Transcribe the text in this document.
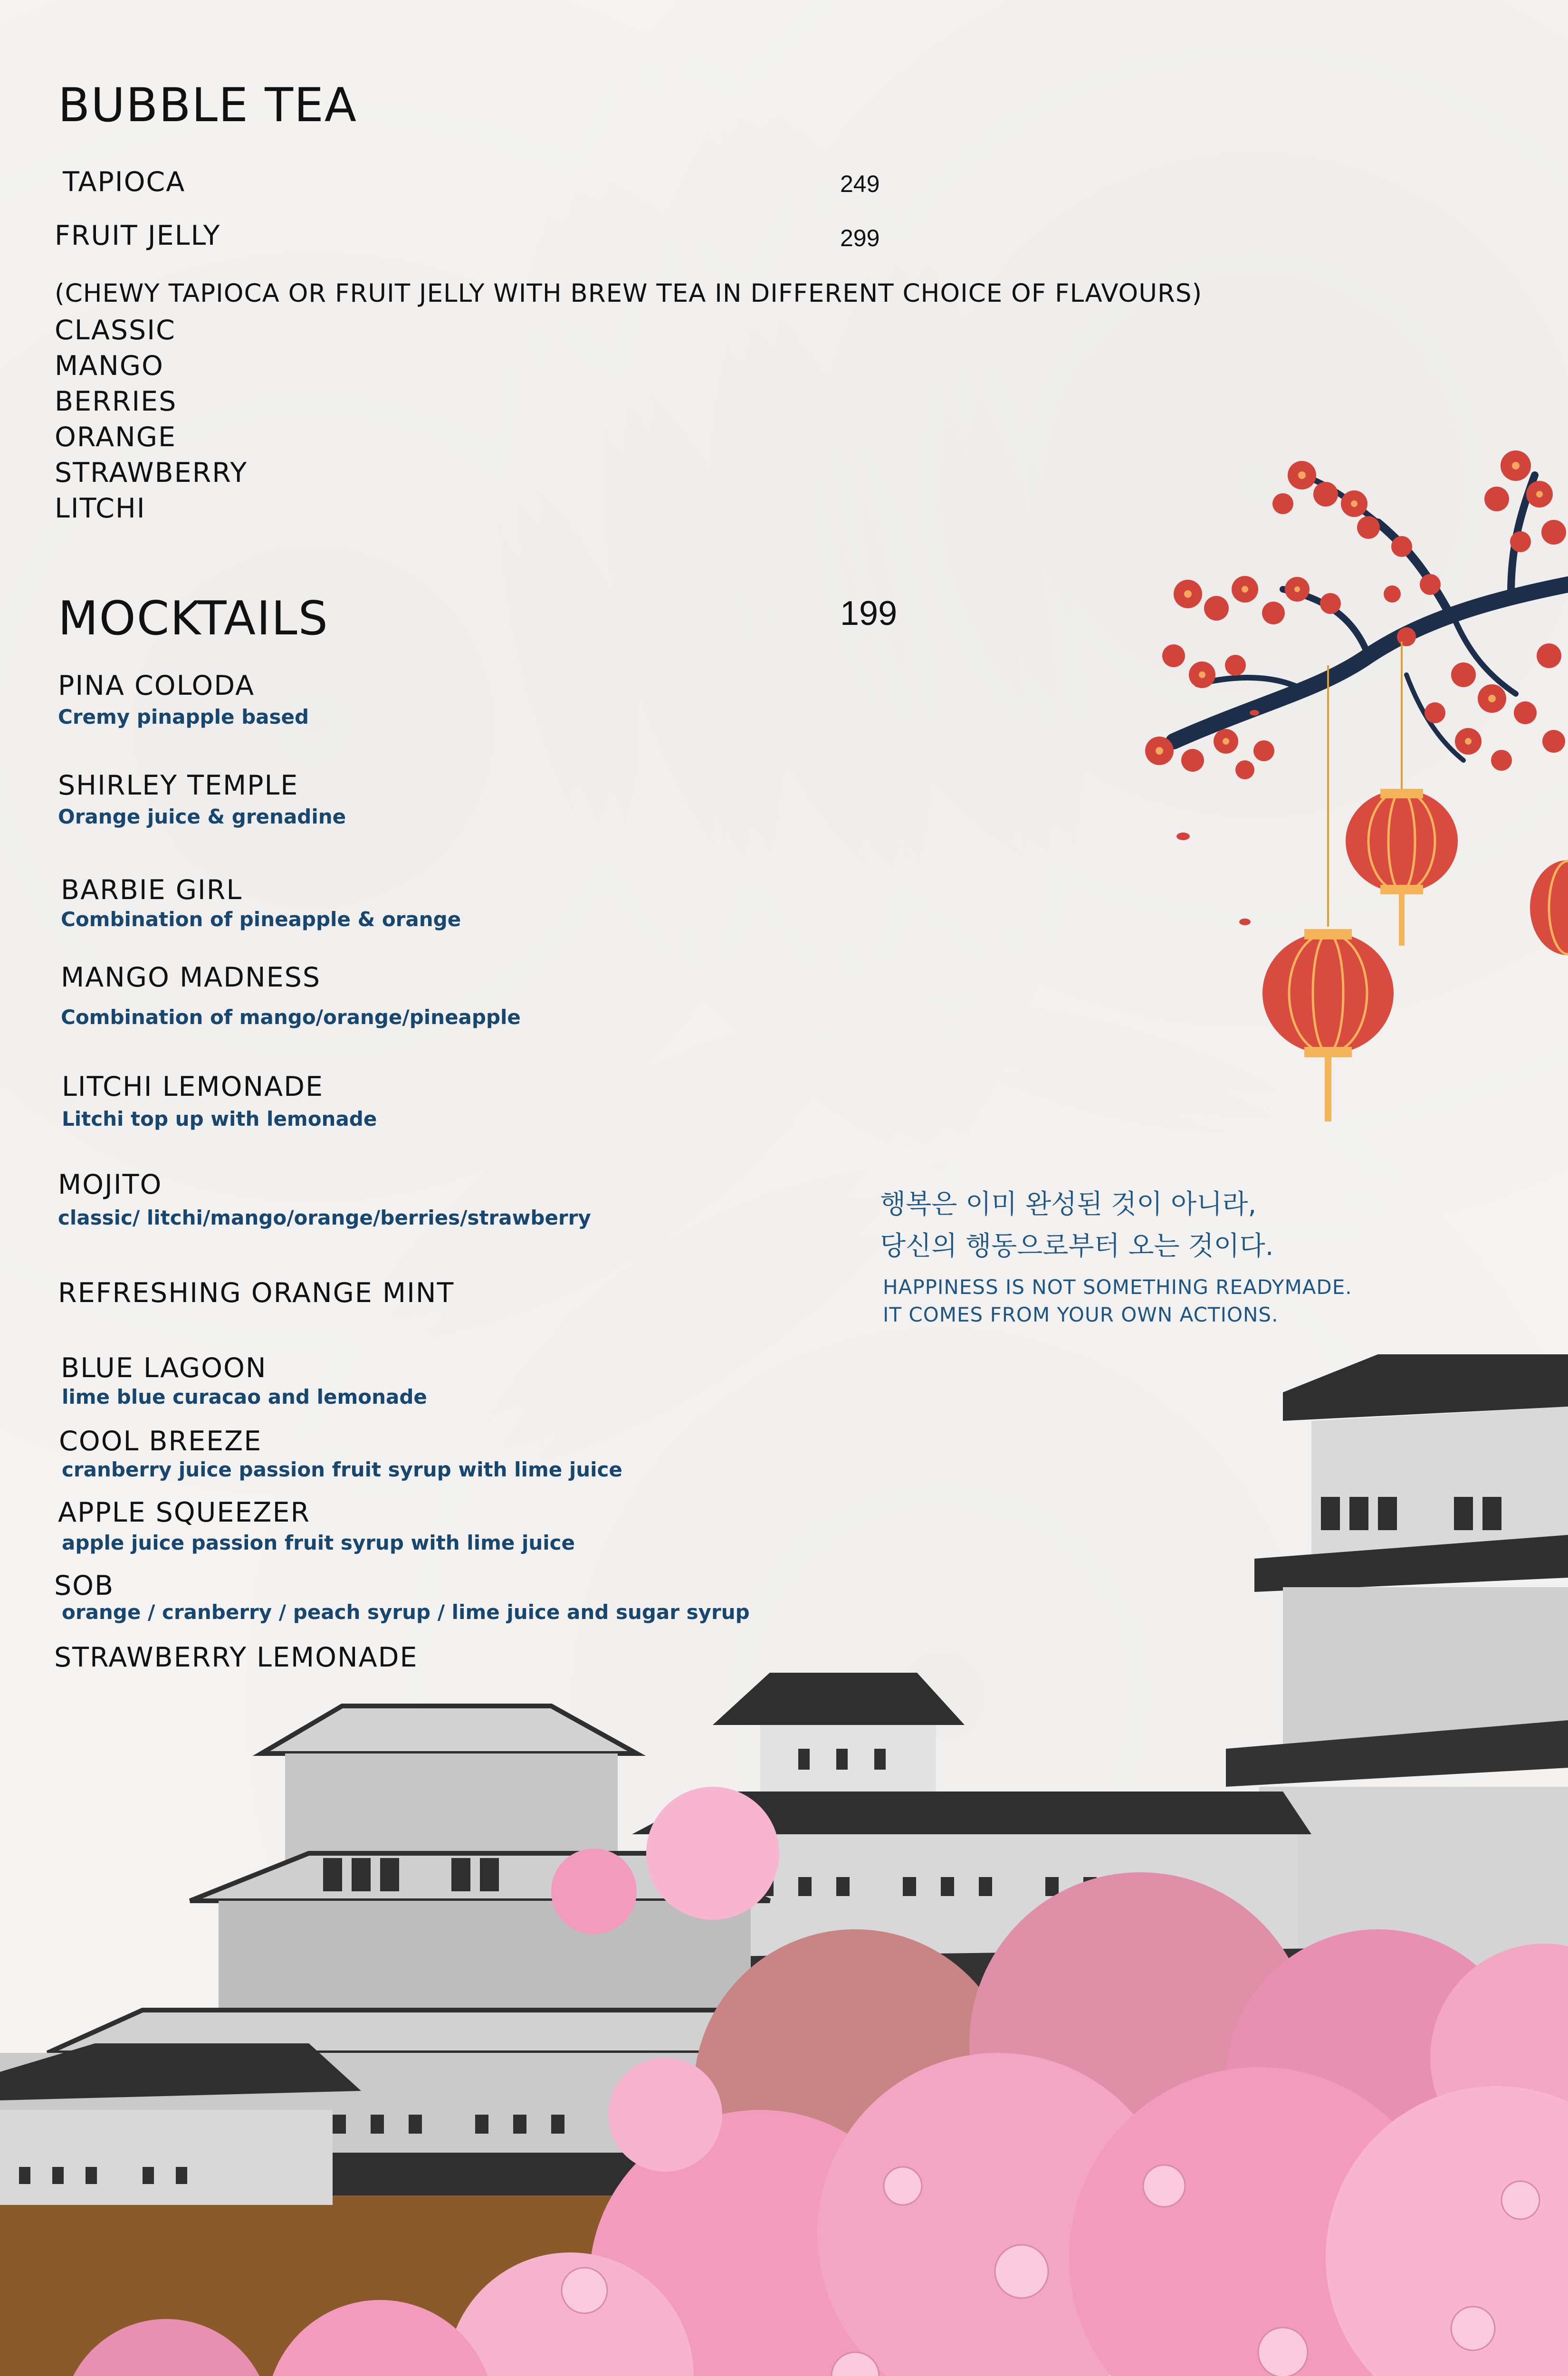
BUBBLE TEA
TAPIOCA	249
FRUIT JELLY	299
(CHEWY TAPIOCA OR FRUIT JELLY WITH BREW TEA IN DIFFERENT CHOICE OF FLAVOURS)
CLASSIC
MANGO
BERRIES
ORANGE
STRAWBERRY
LITCHI
MOCKTAILS	199
PINA COLODA
Cremy pinapple based
SHIRLEY TEMPLE
Orange juice & grenadine
BARBIE GIRL
Combination of pineapple & orange
MANGO MADNESS
Combination of mango/orange/pineapple
LITCHI LEMONADE
Litchi top up with lemonade
MOJITO
classic/ litchi/mango/orange/berries/strawberry
REFRESHING ORANGE MINT
BLUE LAGOON
lime blue curacao and lemonade
COOL BREEZE
cranberry juice passion fruit syrup with lime juice
APPLE SQUEEZER
apple juice passion fruit syrup with lime juice
SOB
orange / cranberry / peach syrup / lime juice and sugar syrup
STRAWBERRY LEMONADE
행복은 이미 완성된 것이 아니라,
당신의 행동으로부터 오는 것이다.
HAPPINESS IS NOT SOMETHING READYMADE.
IT COMES FROM YOUR OWN ACTIONS.
